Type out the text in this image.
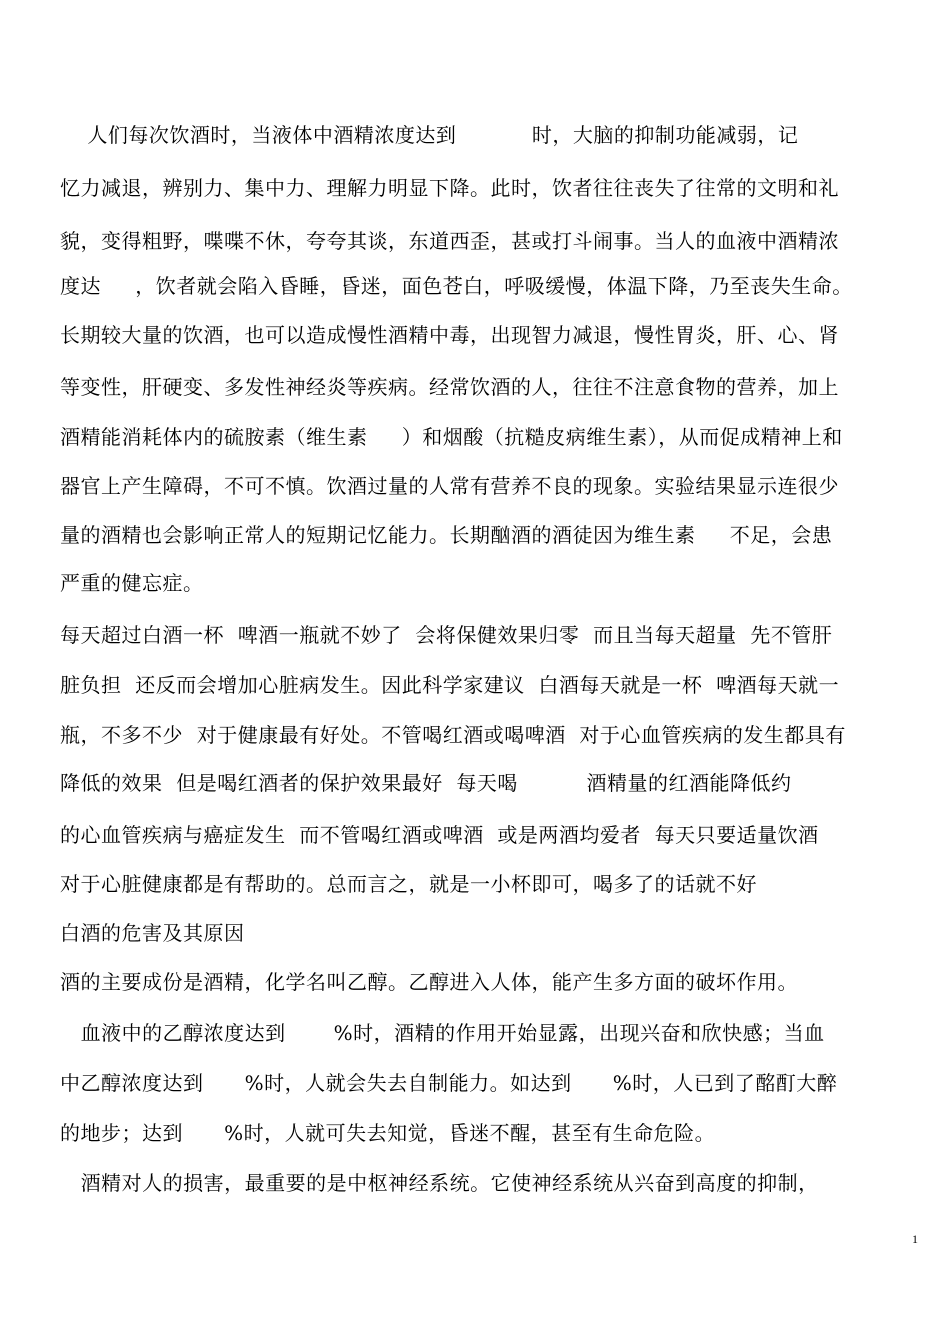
人们每次饮酒时，当液体中酒精浓度达到           时，大脑的抑制功能减弱，记
忆力减退，辨别力、集中力、理解力明显下降。此时，饮者往往丧失了往常的文明和礼
貌，变得粗野，喋喋不休，夸夸其谈，东道西歪，甚或打斗闹事。当人的血液中酒精浓
度达     ，饮者就会陷入昏睡，昏迷，面色苍白，呼吸缓慢，体温下降，乃至丧失生命。
长期较大量的饮酒，也可以造成慢性酒精中毒，出现智力减退，慢性胃炎，肝、心、肾
等变性，肝硬变、多发性神经炎等疾病。经常饮酒的人，往往不注意食物的营养，加上
酒精能消耗体内的硫胺素（维生素     ）和烟酸（抗糙皮病维生素），从而促成精神上和
器官上产生障碍，不可不慎。饮酒过量的人常有营养不良的现象。实验结果显示连很少
量的酒精也会影响正常人的短期记忆能力。长期酗酒的酒徒因为维生素     不足，会患
严重的健忘症。
每天超过白酒一杯  啤酒一瓶就不妙了  会将保健效果归零  而且当每天超量  先不管肝
脏负担  还反而会增加心脏病发生。因此科学家建议  白酒每天就是一杯  啤酒每天就一
瓶，不多不少  对于健康最有好处。不管喝红酒或喝啤酒  对于心血管疾病的发生都具有
降低的效果  但是喝红酒者的保护效果最好  每天喝          酒精量的红酒能降低约
的心血管疾病与癌症发生  而不管喝红酒或啤酒  或是两酒均爱者  每天只要适量饮酒
对于心脏健康都是有帮助的。总而言之，就是一小杯即可，喝多了的话就不好
白酒的危害及其原因
酒的主要成份是酒精，化学名叫乙醇。乙醇进入人体，能产生多方面的破坏作用。
血液中的乙醇浓度达到       %时，酒精的作用开始显露，出现兴奋和欣快感；当血
中乙醇浓度达到      %时，人就会失去自制能力。如达到      %时，人已到了酩酊大醉
的地步；达到      %时，人就可失去知觉，昏迷不醒，甚至有生命危险。
酒精对人的损害，最重要的是中枢神经系统。它使神经系统从兴奋到高度的抑制，
1
